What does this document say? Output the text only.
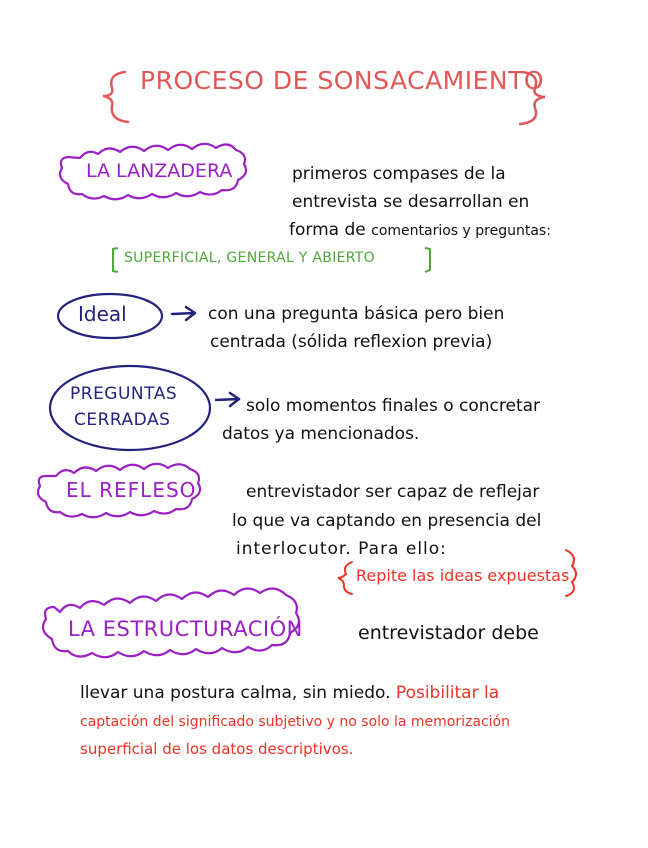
PROCESO DE SONSACAMIENTO
LA LANZADERA	primeros compases de la
entrevista se desarrollan en
forma de comentarios y preguntas:
SUPERFICIAL, GENERAL Y ABIERTO
Ideal	con una pregunta básica pero bien
centrada (sólida reflexion previa)
PREGUNTAS
CERRADAS
solo momentos finales o concretar
datos ya mencionados.
EL REFLESO	entrevistador ser capaz de reflejar
lo que va captando en presencia del
interlocutor. Para ello:
Repite las ideas expuestas
LA ESTRUCTURACIÓN	entrevistador debe
llevar una postura calma, sin miedo. Posibilitar la
captación del significado subjetivo y no solo la memorización
superficial de los datos descriptivos.
